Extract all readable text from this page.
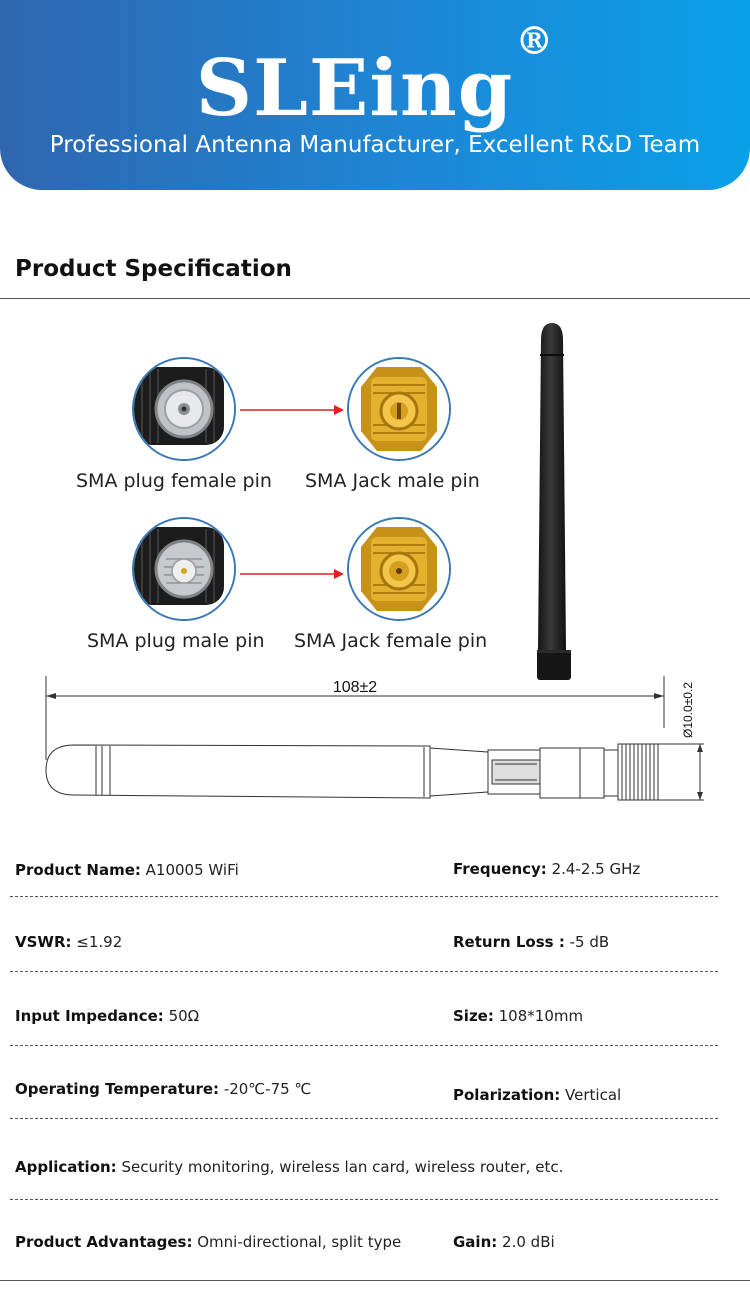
SLEing®
Professional Antenna Manufacturer, Excellent R&D Team
Product Specification
SMA plug female pin SMA Jack male pin
SMA plug male pin SMA Jack female pin
108±2	Ø10.0±0.2
Product Name: A10005 WiFi	Frequency: 2.4-2.5 GHz
VSWR: ≤1.92	Return Loss : -5 dB
Input Impedance: 50Ω	Size: 108*10mm
Operating Temperature: -20℃-75 ℃	Polarization: Vertical
Application: Security monitoring, wireless lan card, wireless router, etc.
Product Advantages: Omni-directional, split type	Gain: 2.0 dBi
